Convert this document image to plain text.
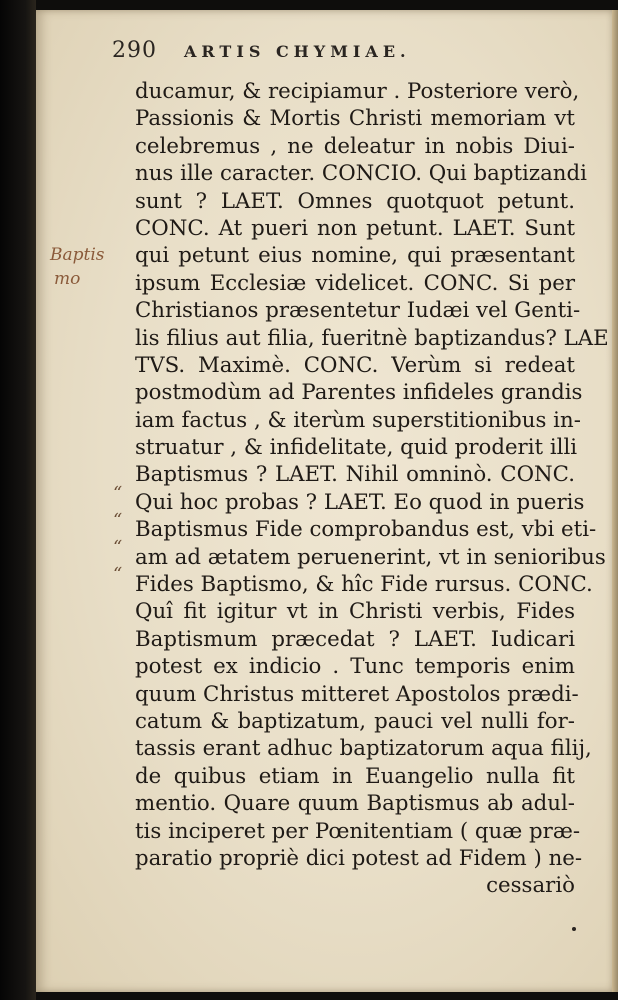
290 ARTIS CHYMIAE.
Baptis
mo
“
“
“
“
ducamur, & recipiamur . Posteriore verò,
Passionis & Mortis Christi memoriam vt
celebremus , ne deleatur in nobis Diui-
nus ille caracter. CONCIO. Qui baptizandi
sunt ? LAET. Omnes quotquot petunt.
CONC. At pueri non petunt. LAET. Sunt
qui petunt eius nomine, qui præsentant
ipsum Ecclesiæ videlicet. CONC. Si per
Christianos præsentetur Iudæi vel Genti-
lis filius aut filia, fueritnè baptizandus? LAE
TVS. Maximè. CONC. Verùm si redeat
postmodùm ad Parentes infideles grandis
iam factus , & iterùm superstitionibus in-
struatur , & infidelitate, quid proderit illi
Baptismus ? LAET. Nihil omninò. CONC.
Qui hoc probas ? LAET. Eo quod in pueris
Baptismus Fide comprobandus est, vbi eti-
am ad ætatem peruenerint, vt in senioribus
Fides Baptismo, & hîc Fide rursus. CONC.
Quî fit igitur vt in Christi verbis, Fides
Baptismum præcedat ? LAET. Iudicari
potest ex indicio . Tunc temporis enim
quum Christus mitteret Apostolos prædi-
catum & baptizatum, pauci vel nulli for-
tassis erant adhuc baptizatorum aqua filij,
de quibus etiam in Euangelio nulla fit
mentio. Quare quum Baptismus ab adul-
tis inciperet per Pœnitentiam ( quæ præ-
paratio propriè dici potest ad Fidem ) ne-
cessariò
